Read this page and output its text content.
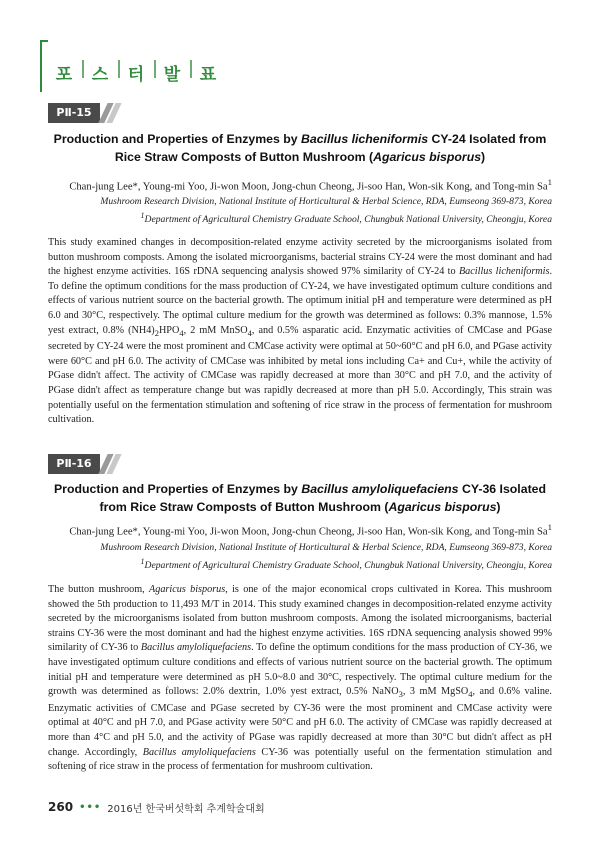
포 스 터 발 표
PⅡ-15
Production and Properties of Enzymes by Bacillus licheniformis CY-24 Isolated from
Rice Straw Composts of Button Mushroom (Agaricus bisporus)
Chan-jung Lee*, Young-mi Yoo, Ji-won Moon, Jong-chun Cheong, Ji-soo Han, Won-sik Kong, and Tong-min Sa$^1$
Mushroom Research Division, National Institute of Horticultural & Herbal Science, RDA, Eumseong 369-873, Korea
$^1$Department of Agricultural Chemistry Graduate School, Chungbuk National University, Cheongju, Korea

This study examined changes in decomposition-related enzyme activity secreted by the microorganisms isolated from button mushroom composts. Among the isolated microorganisms, bacterial strains CY-24 were the most dominant and had the highest enzyme activities. 16S rDNA sequencing analysis showed 97% similarity of CY-24 to Bacillus licheniformis. To define the optimum conditions for the mass production of CY-24, we have investigated optimum culture conditions and effects of various nutrient source on the bacterial growth. The optimum initial pH and temperature were determined as pH 6.0 and 30°C, respectively. The optimal culture medium for the growth was determined as follows: 0.3% mannose, 1.5% yest extract, 0.8% $(NH4)_2HPO_4$, 2 mM MnSO$_4$, and 0.5% asparatic acid. Enzymatic activities of CMCase and PGase secreted by CY-24 were the most prominent and CMCase activity were optimal at 50~60°C and pH 6.0, and PGase activity were 60°C and pH 6.0. The activity of CMCase was inhibited by metal ions including Ca+ and Cu+, while the activity of PGase didn't affect. The activity of CMCase was rapidly decreased at more than 30°C and pH 7.0, and the activity of PGase didn't affect as temperature change but was rapidly decreased at more than pH 5.0. Accordingly, This strain was potentially useful on the fermentation stimulation and softening of rice straw in the process of fermentation for mushroom cultivation.

PⅡ-16
Production and Properties of Enzymes by Bacillus amyloliquefaciens CY-36 Isolated
from Rice Straw Composts of Button Mushroom (Agaricus bisporus)
Chan-jung Lee*, Young-mi Yoo, Ji-won Moon, Jong-chun Cheong, Ji-soo Han, Won-sik Kong, and Tong-min Sa$^1$
Mushroom Research Division, National Institute of Horticultural & Herbal Science, RDA, Eumseong 369-873, Korea
$^1$Department of Agricultural Chemistry Graduate School, Chungbuk National University, Cheongju, Korea

The button mushroom, Agaricus bisporus, is one of the major economical crops cultivated in Korea. This mushroom showed the 5th production to 11,493 M/T in 2014. This study examined changes in decomposition-related enzyme activity secreted by the microorganisms isolated from button mushroom composts. Among the isolated microorganisms, bacterial strains CY-36 were the most dominant and had the highest enzyme activities. 16S rDNA sequencing analysis showed 99% similarity of CY-36 to Bacillus amyloliquefaciens. To define the optimum conditions for the mass production of CY-36, we have investigated optimum culture conditions and effects of various nutrient source on the bacterial growth. The optimum initial pH and temperature were determined as pH 5.0~8.0 and 30°C, respectively. The optimal culture medium for the growth was determined as follows: 2.0% dextrin, 1.0% yest extract, 0.5% NaNO$_3$, 3 mM MgSO$_4$, and 0.6% valine. Enzymatic activities of CMCase and PGase secreted by CY-36 were the most prominent and CMCase activity were optimal at 40°C and pH 7.0, and PGase activity were 50°C and pH 6.0. The activity of CMCase was rapidly decreased at more than 4°C and pH 5.0, and the activity of PGase was rapidly decreased at more than 30°C but didn't affect as pH change. Accordingly, Bacillus amyloliquefaciens CY-36 was potentially useful on the fermentation stimulation and softening of rice straw in the process of fermentation for mushroom cultivation.

260 ••• 2016년 한국버섯학회 추계학술대회
